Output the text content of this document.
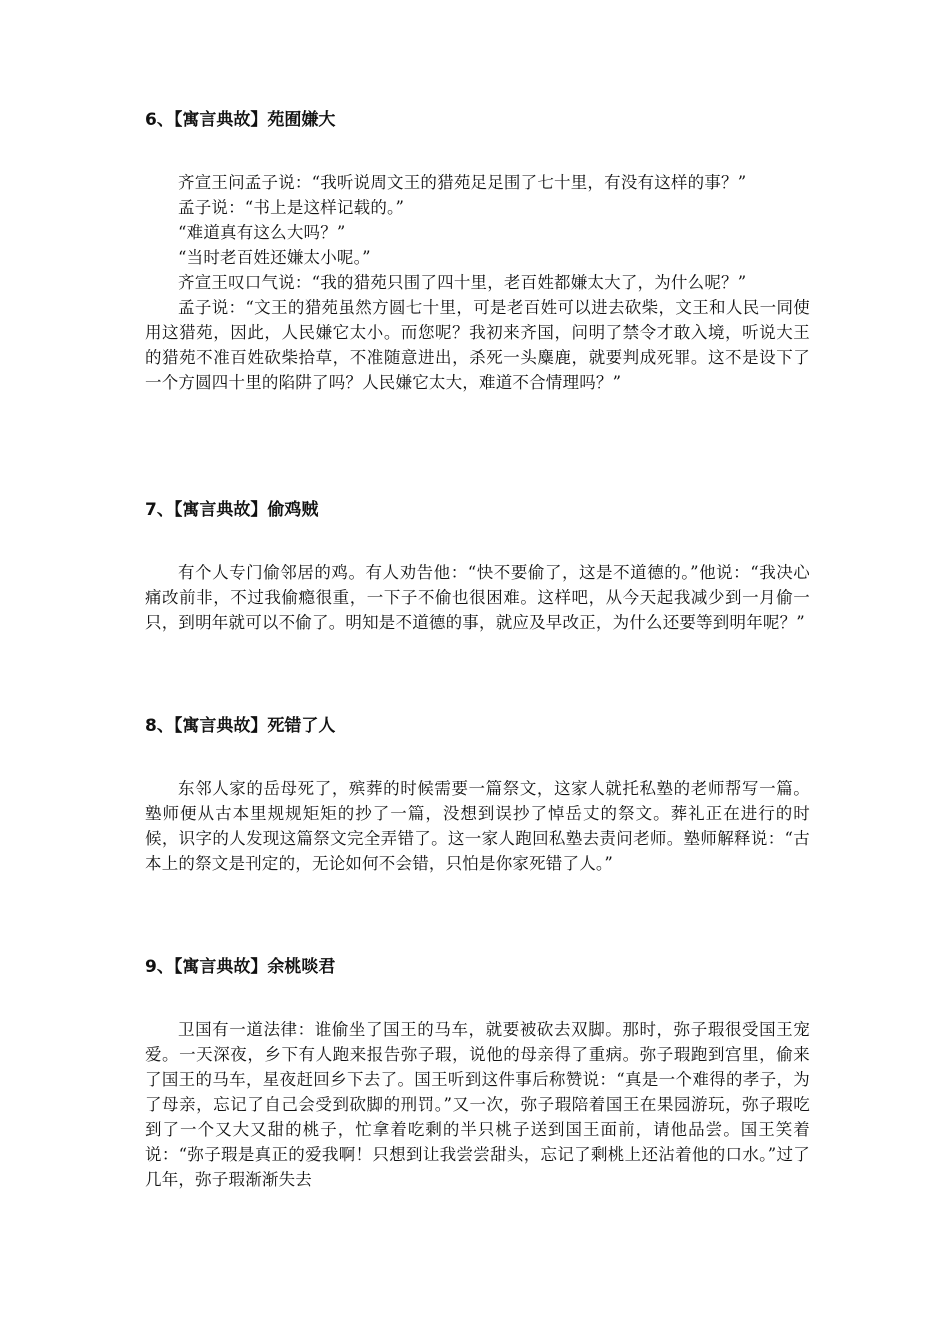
6、【寓言典故】苑囿嫌大

齐宣王问孟子说：“我听说周文王的猎苑足足围了七十里，有没有这样的事？”

孟子说：“书上是这样记载的。”

“难道真有这么大吗？”

“当时老百姓还嫌太小呢。”

齐宣王叹口气说：“我的猎苑只围了四十里，老百姓都嫌太大了，为什么呢？”

孟子说：“文王的猎苑虽然方圆七十里，可是老百姓可以进去砍柴，文王和人民一同使用这猎苑，因此，人民嫌它太小。而您呢？我初来齐国，问明了禁令才敢入境，听说大王的猎苑不准百姓砍柴拾草，不准随意进出，杀死一头麋鹿，就要判成死罪。这不是设下了一个方圆四十里的陷阱了吗？人民嫌它太大，难道不合情理吗？”

7、【寓言典故】偷鸡贼

有个人专门偷邻居的鸡。有人劝告他：“快不要偷了，这是不道德的。”他说：“我决心痛改前非，不过我偷瘾很重，一下子不偷也很困难。这样吧，从今天起我减少到一月偷一只，到明年就可以不偷了。明知是不道德的事，就应及早改正，为什么还要等到明年呢？”

8、【寓言典故】死错了人

东邻人家的岳母死了，殡葬的时候需要一篇祭文，这家人就托私塾的老师帮写一篇。塾师便从古本里规规矩矩的抄了一篇，没想到误抄了悼岳丈的祭文。葬礼正在进行的时候，识字的人发现这篇祭文完全弄错了。这一家人跑回私塾去责问老师。塾师解释说：“古本上的祭文是刊定的，无论如何不会错，只怕是你家死错了人。”

9、【寓言典故】余桃啖君

卫国有一道法律：谁偷坐了国王的马车，就要被砍去双脚。那时，弥子瑕很受国王宠爱。一天深夜，乡下有人跑来报告弥子瑕，说他的母亲得了重病。弥子瑕跑到宫里，偷来了国王的马车，星夜赶回乡下去了。国王听到这件事后称赞说：“真是一个难得的孝子，为了母亲，忘记了自己会受到砍脚的刑罚。”又一次，弥子瑕陪着国王在果园游玩，弥子瑕吃到了一个又大又甜的桃子，忙拿着吃剩的半只桃子送到国王面前，请他品尝。国王笑着说：“弥子瑕是真正的爱我啊！只想到让我尝尝甜头，忘记了剩桃上还沾着他的口水。”过了几年，弥子瑕渐渐失去
